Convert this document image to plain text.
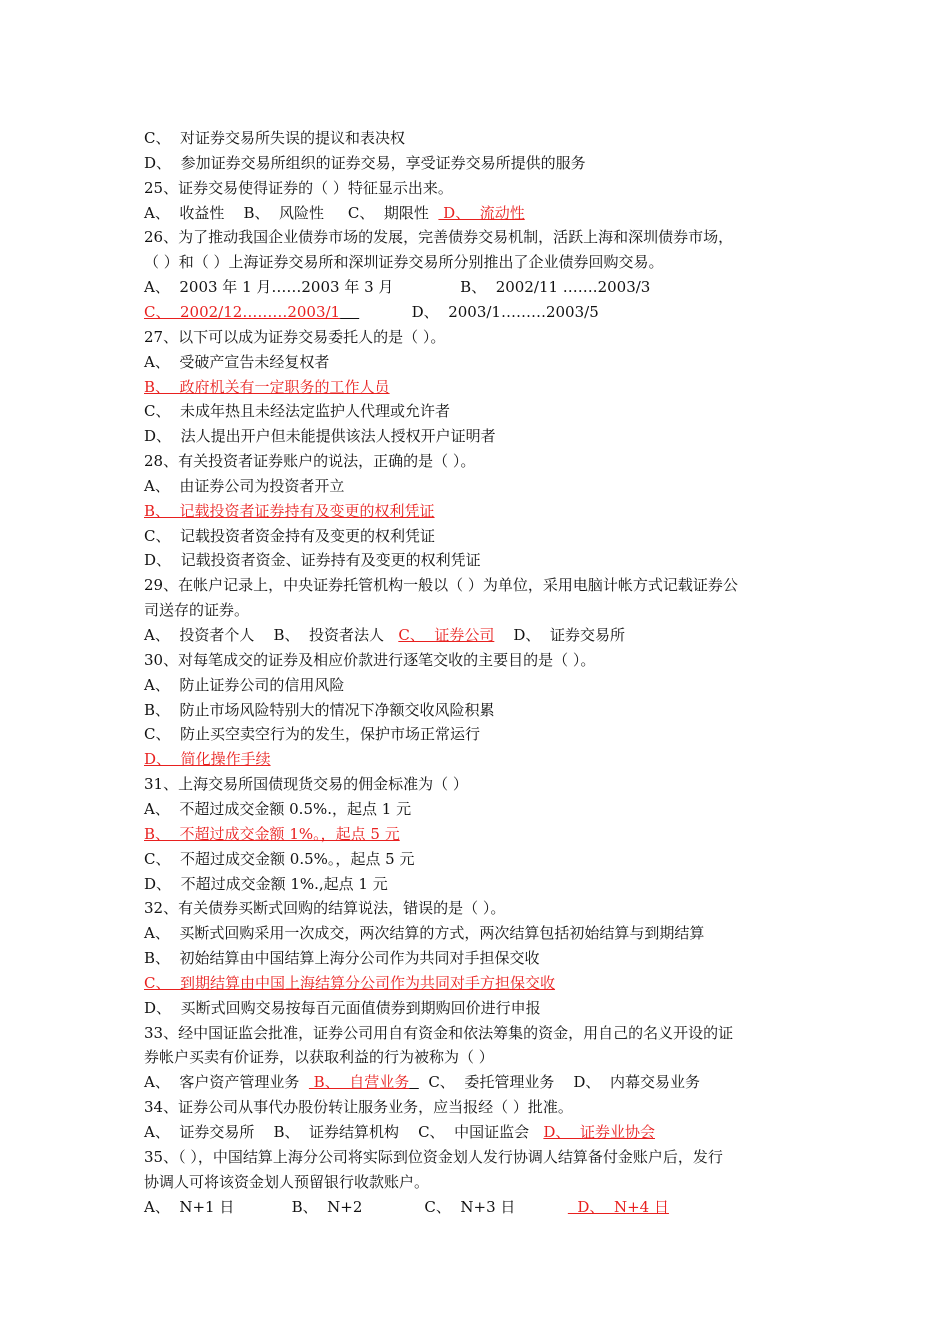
C、  对证券交易所失误的提议和表决权
D、  参加证券交易所组织的证券交易，享受证券交易所提供的服务
25、证券交易使得证券的（ ）特征显示出来。
A、  收益性    B、  风险性     C、  期限性   D、  流动性
26、为了推动我国企业债券市场的发展，完善债券交易机制，活跃上海和深圳债券市场，
（ ）和（ ）上海证券交易所和深圳证券交易所分别推出了企业债券回购交易。
A、  2003 年 1 月……2003 年 3 月              B、  2002/11 …….2003/3
C、  2002/12………2003/1               D、  2003/1………2003/5
27、以下可以成为证券交易委托人的是（ ）。
A、  受破产宣告未经复权者
B、  政府机关有一定职务的工作人员
C、  未成年热且未经法定监护人代理或允许者
D、  法人提出开户但未能提供该法人授权开户证明者
28、有关投资者证券账户的说法，正确的是（ ）。
A、  由证券公司为投资者开立
B、  记载投资者证券持有及变更的权利凭证
C、  记载投资者资金持有及变更的权利凭证
D、  记载投资者资金、证券持有及变更的权利凭证
29、在帐户记录上，中央证券托管机构一般以（ ）为单位，采用电脑计帐方式记载证券公
司送存的证券。
A、  投资者个人    B、  投资者法人   C、  证券公司    D、  证券交易所
30、对每笔成交的证券及相应价款进行逐笔交收的主要目的是（ ）。
A、  防止证券公司的信用风险
B、  防止市场风险特别大的情况下净额交收风险积累
C、  防止买空卖空行为的发生，保护市场正常运行
D、  简化操作手续
31、上海交易所国债现货交易的佣金标准为（ ）
A、  不超过成交金额 0.5%.，起点 1 元
B、  不超过成交金额 1%。，起点 5 元
C、  不超过成交金额 0.5%。，起点 5 元
D、  不超过成交金额 1%.,起点 1 元
32、有关债券买断式回购的结算说法，错误的是（ ）。
A、  买断式回购采用一次成交，两次结算的方式，两次结算包括初始结算与到期结算
B、  初始结算由中国结算上海分公司作为共同对手担保交收
C、  到期结算由中国上海结算分公司作为共同对手方担保交收
D、  买断式回购交易按每百元面值债券到期购回价进行申报
33、经中国证监会批准，证券公司用自有资金和依法筹集的资金，用自己的名义开设的证
券帐户买卖有价证券，以获取利益的行为被称为（ ）
A、  客户资产管理业务   B、  自营业务    C、  委托管理业务    D、  内幕交易业务
34、证券公司从事代办股份转让服务业务，应当报经（ ）批准。
A、  证券交易所    B、  证券结算机构    C、  中国证监会   D、  证券业协会
35、（ ），中国结算上海分公司将实际到位资金划人发行协调人结算备付金账户后，发行
协调人可将该资金划人预留银行收款账户。
A、  N+1 日            B、  N+2             C、  N+3 日             D、  N+4 日
